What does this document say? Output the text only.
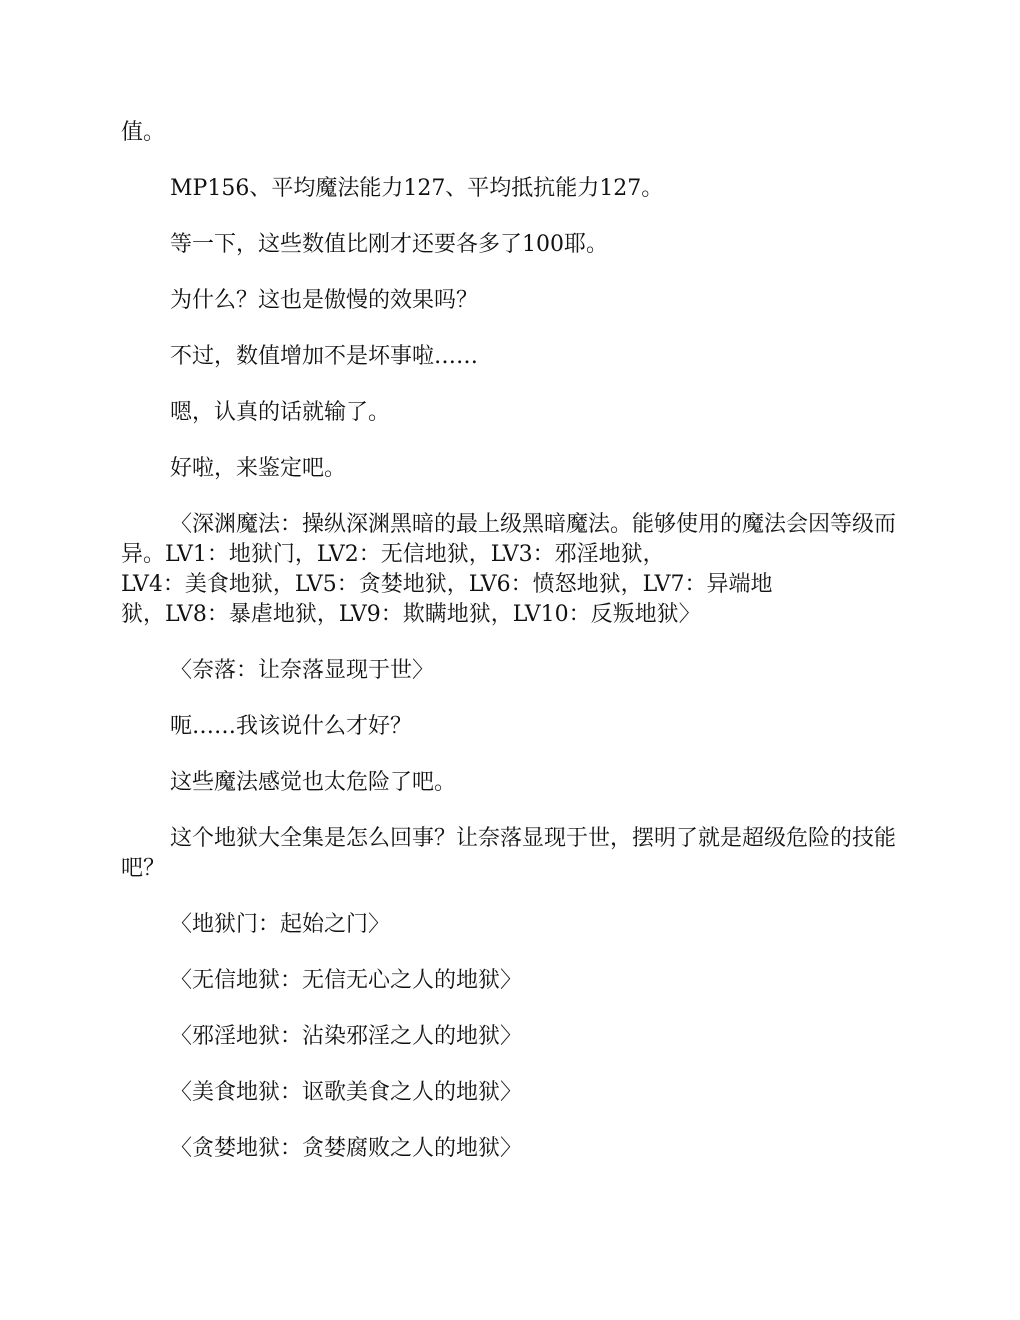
值。

MP156、平均魔法能力127、平均抵抗能力127。

等一下，这些数值比刚才还要各多了100耶。

为什么？这也是傲慢的效果吗？

不过，数值增加不是坏事啦……

嗯，认真的话就输了。

好啦，来鉴定吧。

〈深渊魔法：操纵深渊黑暗的最上级黑暗魔法。能够使用的魔法会因等级而异。LV1：地狱门，LV2：无信地狱，LV3：邪淫地狱，
LV4：美食地狱，LV5：贪婪地狱，LV6：愤怒地狱，LV7：异端地
狱，LV8：暴虐地狱，LV9：欺瞒地狱，LV10：反叛地狱〉

〈奈落：让奈落显现于世〉

呃……我该说什么才好？

这些魔法感觉也太危险了吧。

这个地狱大全集是怎么回事？让奈落显现于世，摆明了就是超级危险的技能吧？

〈地狱门：起始之门〉

〈无信地狱：无信无心之人的地狱〉

〈邪淫地狱：沾染邪淫之人的地狱〉

〈美食地狱：讴歌美食之人的地狱〉

〈贪婪地狱：贪婪腐败之人的地狱〉
